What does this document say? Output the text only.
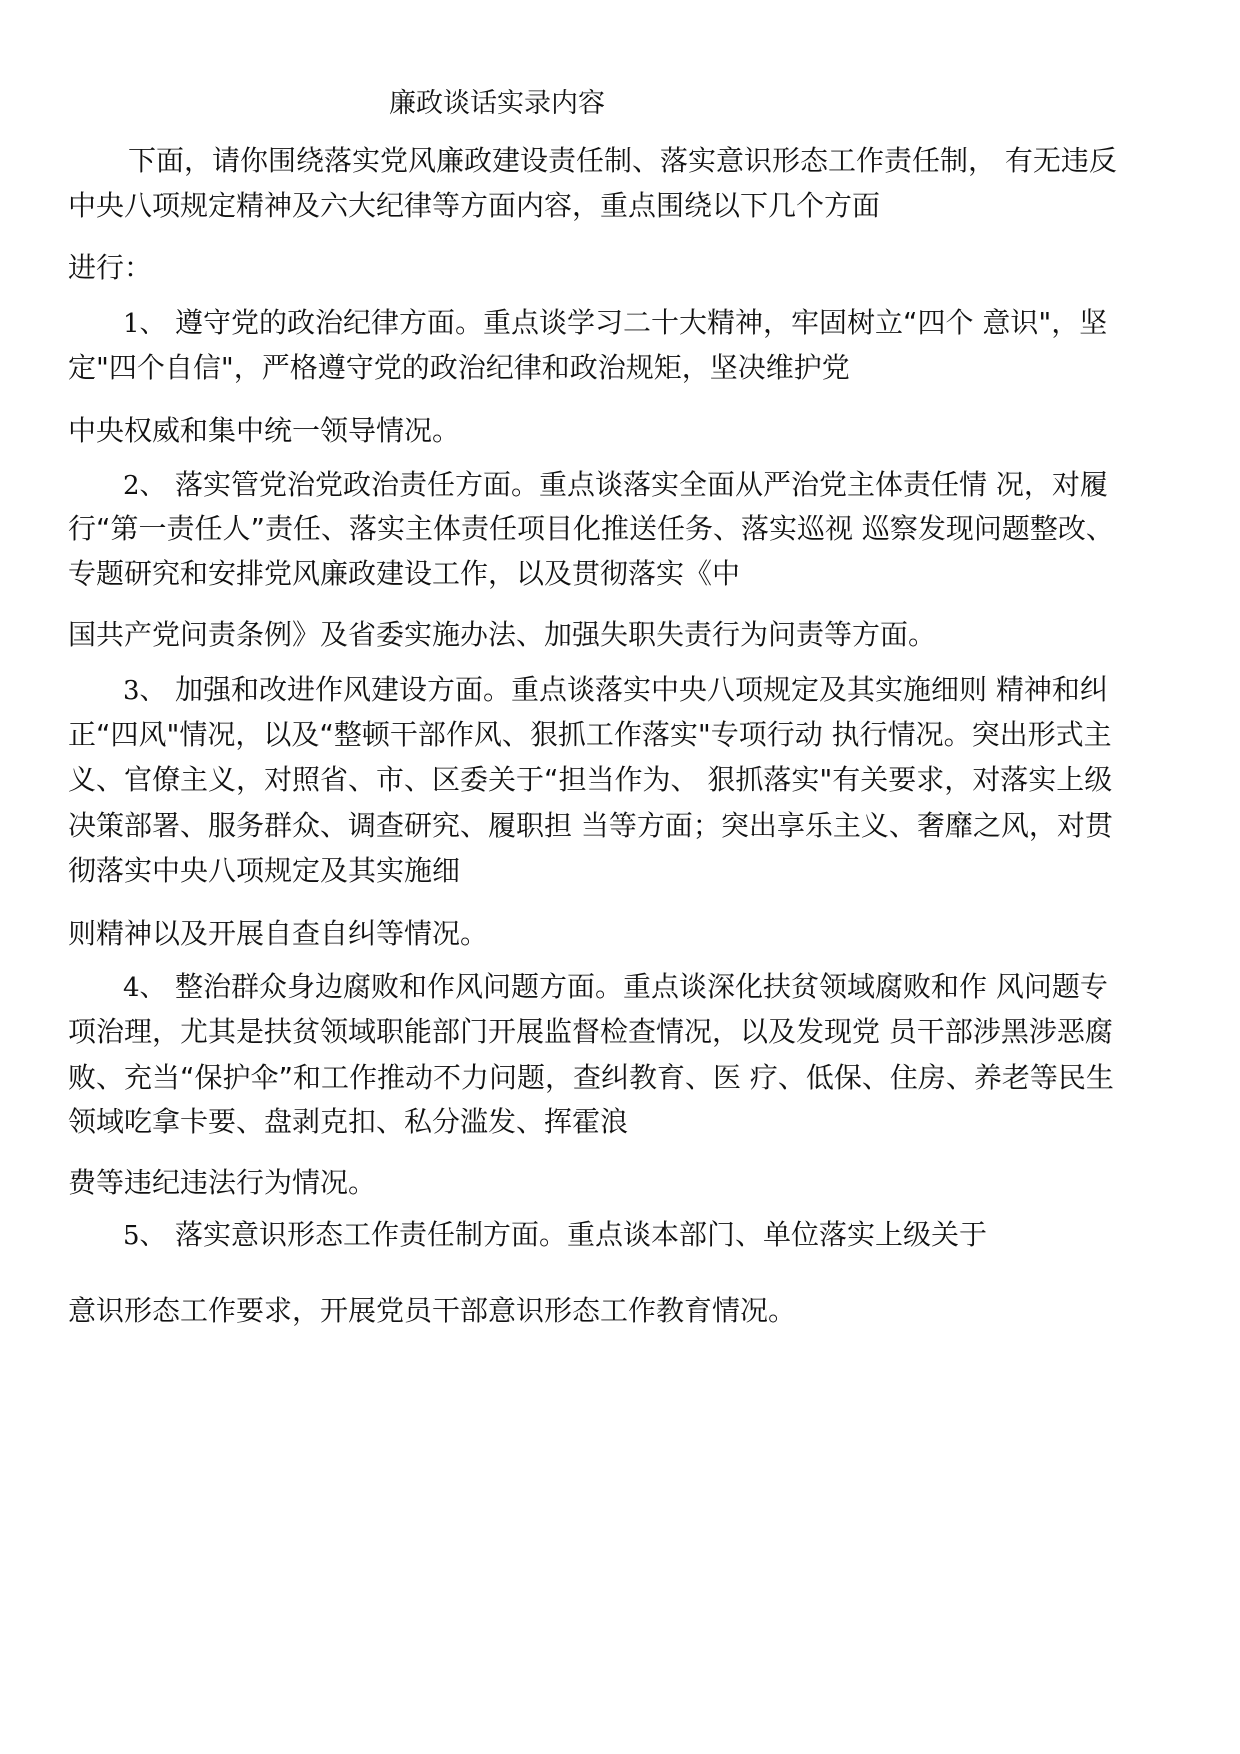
廉政谈话实录内容

下面，请你围绕落实党风廉政建设责任制、落实意识形态工作责任制， 有无违反

中央八项规定精神及六大纪律等方面内容，重点围绕以下几个方面

进行：

1、 遵守党的政治纪律方面。重点谈学习二十大精神，牢固树立“四个 意识"，坚

定"四个自信"，严格遵守党的政治纪律和政治规矩，坚决维护党

中央权威和集中统一领导情况。

2、 落实管党治党政治责任方面。重点谈落实全面从严治党主体责任情 况，对履

行“第一责任人”责任、落实主体责任项目化推送任务、落实巡视 巡察发现问题整改、

专题研究和安排党风廉政建设工作，以及贯彻落实《中

国共产党问责条例》及省委实施办法、加强失职失责行为问责等方面。

3、 加强和改进作风建设方面。重点谈落实中央八项规定及其实施细则 精神和纠

正“四风"情况，以及“整顿干部作风、狠抓工作落实"专项行动 执行情况。突出形式主

义、官僚主义，对照省、市、区委关于“担当作为、 狠抓落实"有关要求，对落实上级

决策部署、服务群众、调查研究、履职担 当等方面；突出享乐主义、奢靡之风，对贯

彻落实中央八项规定及其实施细

则精神以及开展自查自纠等情况。

4、 整治群众身边腐败和作风问题方面。重点谈深化扶贫领域腐败和作 风问题专

项治理，尤其是扶贫领域职能部门开展监督检查情况，以及发现党 员干部涉黑涉恶腐

败、充当“保护伞”和工作推动不力问题，查纠教育、医 疗、低保、住房、养老等民生

领域吃拿卡要、盘剥克扣、私分滥发、挥霍浪

费等违纪违法行为情况。

5、 落实意识形态工作责任制方面。重点谈本部门、单位落实上级关于

意识形态工作要求，开展党员干部意识形态工作教育情况。
